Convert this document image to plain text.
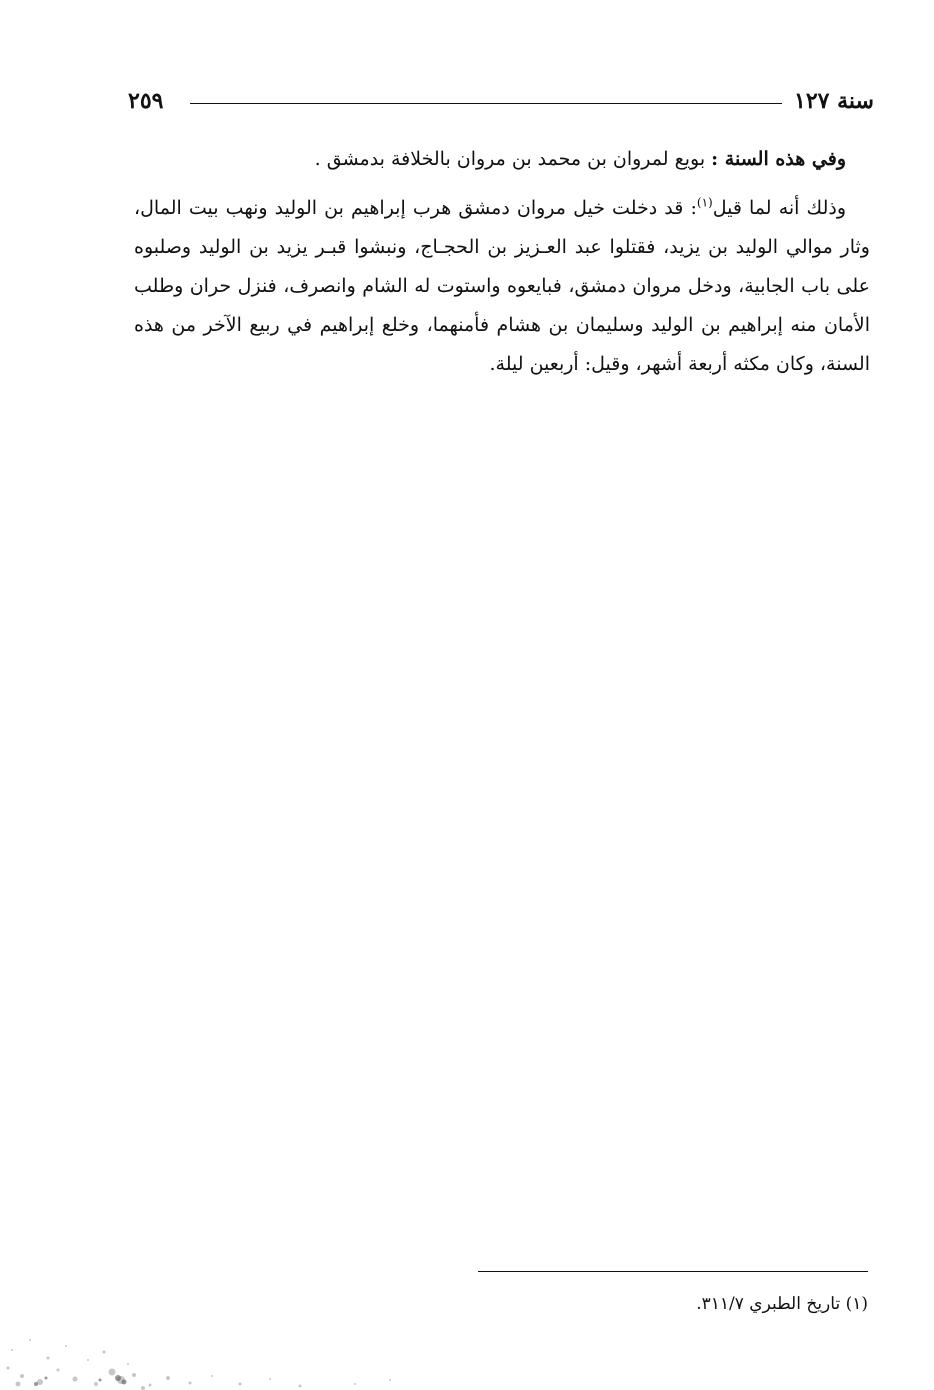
سنة ١٢٧
٢٥٩

وفي هذه السنة : بويع لمروان بن محمد بن مروان بالخلافة بدمشق .

وذلك أنه لما قيل$^{(١)}$: قد دخلت خيل مروان دمشق هرب إبراهيم بن الوليد ونهب بيت المال، وثار موالي الوليد بن يزيد، فقتلوا عبد العـزيز بن الحجـاج، ونبشوا قبـر يزيد بن الوليد وصلبوه على باب الجابية، ودخل مروان دمشق، فبايعوه واستوت له الشام وانصرف، فنزل حران وطلب الأمان منه إبراهيم بن الوليد وسليمان بن هشام فأمنهما، وخلع إبراهيم في ربيع الآخر من هذه السنة، وكان مكثه أربعة أشهر، وقيل: أربعين ليلة.

(١) تاريخ الطبري ٣١١/٧.
